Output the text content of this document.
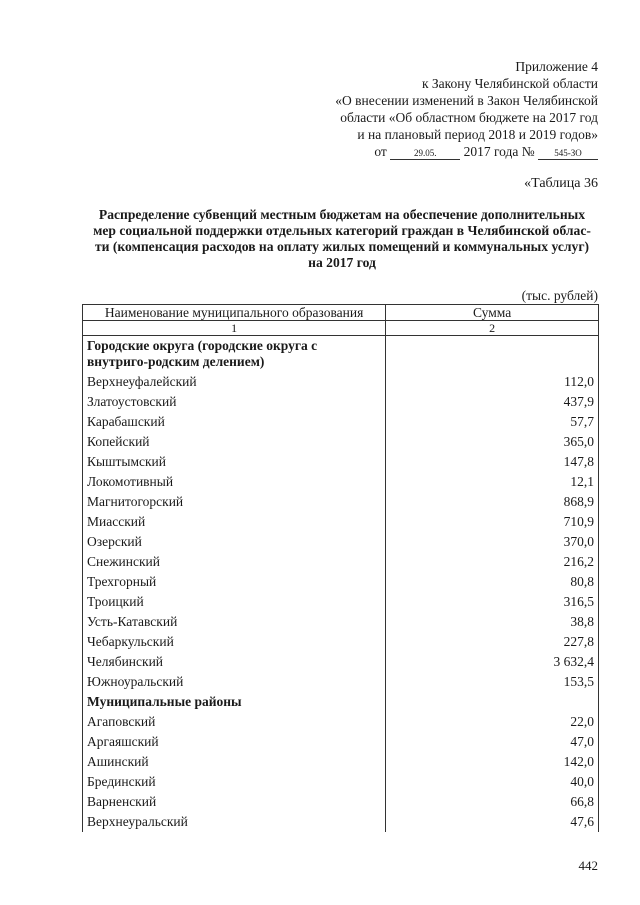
Приложение 4
к Закону Челябинской области
«О внесении изменений в Закон Челябинской
области «Об областном бюджете на 2017 год
и на плановый период 2018 и 2019 годов»
от	29.05. 2017 года № 545-ЗО
«Таблица 36
Распределение субвенций местным бюджетам на обеспечение дополнительных
мер социальной поддержки отдельных категорий граждан в Челябинской облас-
ти (компенсация расходов на оплату жилых помещений и коммунальных услуг)
на 2017 год
(тыс. рублей)
Наименование муниципального образования	Сумма
1	2
Городские округа (городские округа с внутриго-родским делением)	
Верхнеуфалейский	112,0
Златоустовский	437,9
Карабашский	57,7
Копейский	365,0
Кыштымский	147,8
Локомотивный	12,1
Магнитогорский	868,9
Миасский	710,9
Озерский	370,0
Снежинский	216,2
Трехгорный	80,8
Троицкий	316,5
Усть-Катавский	38,8
Чебаркульский	227,8
Челябинский	3 632,4
Южноуральский	153,5
Муниципальные районы	
Агаповский	22,0
Аргаяшский	47,0
Ашинский	142,0
Брединский	40,0
Варненский	66,8
Верхнеуральский	47,6
442
